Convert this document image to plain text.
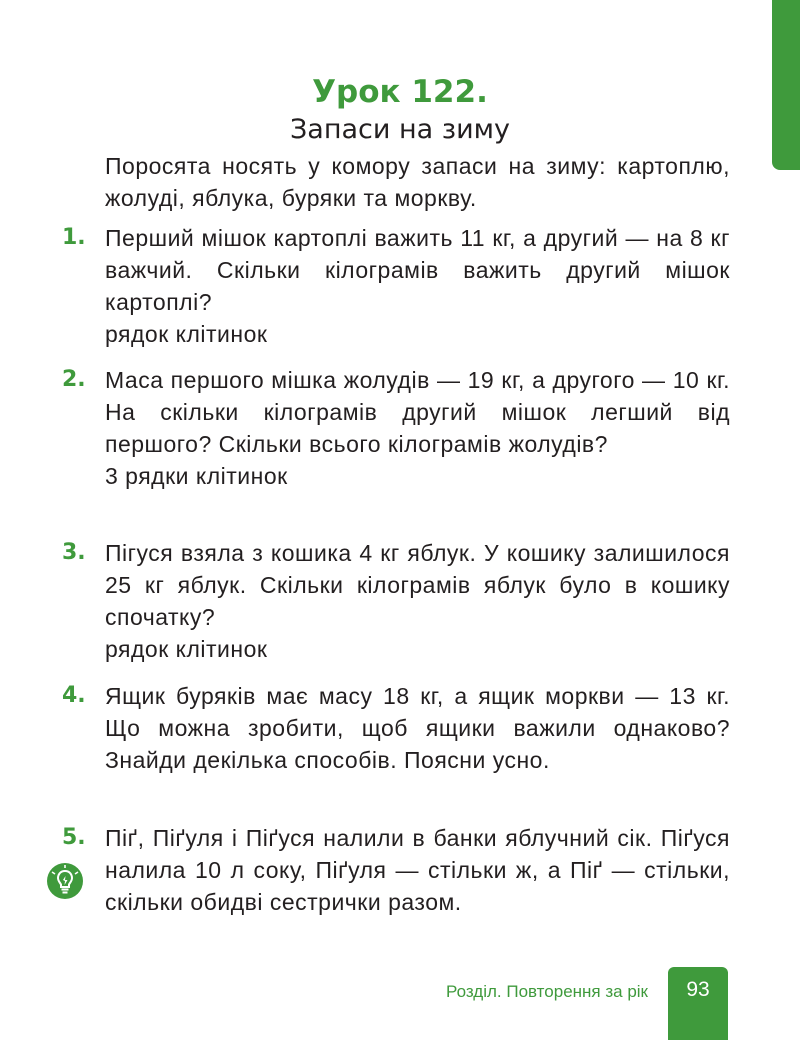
Урок 122.
Запаси на зиму
Поросята носять у комору запаси на зиму: картоплю, жолуді, яблука, буряки та моркву.
1. Перший мішок картоплі важить 11 кг, а другий — на 8 кг важчий. Скільки кілограмів важить другий мішок картоплі?
рядок клітинок
2. Маса першого мішка жолудів — 19 кг, а другого — 10 кг. На скільки кілограмів другий мішок легший від першого? Скільки всього кілограмів жолудів?
3 рядки клітинок
3. Пігуся взяла з кошика 4 кг яблук. У кошику залишилося 25 кг яблук. Скільки кілограмів яблук було в кошику спочатку?
рядок клітинок
4. Ящик буряків має масу 18 кг, а ящик моркви — 13 кг. Що можна зробити, щоб ящики важили однаково? Знайди декілька способів. Поясни усно.
5. Піґ, Піґуля і Піґуся налили в банки яблучний сік. Піґуся налила 10 л соку, Піґуля — стільки ж, а Піґ — стільки, скільки обидві сестрички разом.
Розділ. Повторення за рік	93
